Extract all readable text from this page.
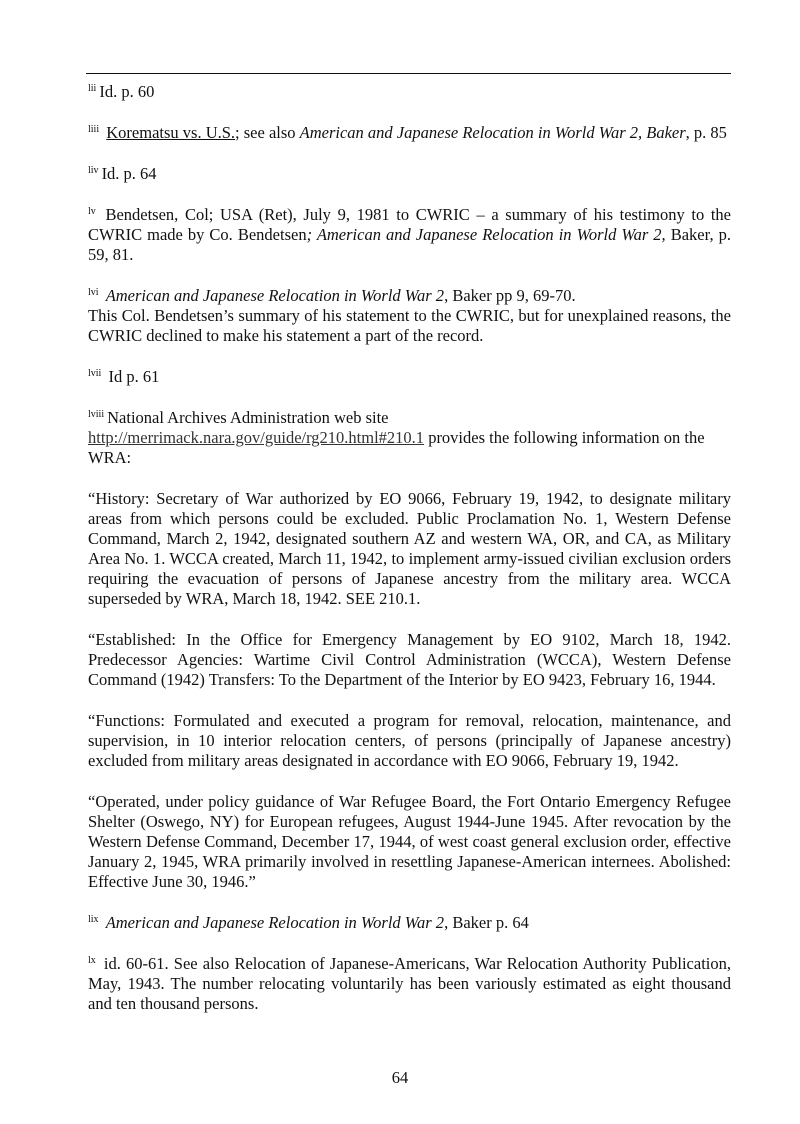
$^{lii}$ Id. p. 60

$^{liii}$ Korematsu vs. U.S.; see also American and Japanese Relocation in World War 2, Baker, p. 85

$^{liv}$ Id. p. 64

$^{lv}$ Bendetsen, Col; USA (Ret), July 9, 1981 to CWRIC – a summary of his testimony to the CWRIC made by Co. Bendetsen; American and Japanese Relocation in World War 2, Baker, p. 59, 81.

$^{lvi}$ American and Japanese Relocation in World War 2, Baker pp 9, 69-70.

This Col. Bendetsen’s summary of his statement to the CWRIC, but for unexplained reasons, the CWRIC declined to make his statement a part of the record.

$^{lvii}$ Id p. 61

$^{lviii}$ National Archives Administration web site

http://merrimack.nara.gov/guide/rg210.html#210.1 provides the following information on the WRA:

“History: Secretary of War authorized by EO 9066, February 19, 1942, to designate military areas from which persons could be excluded. Public Proclamation No. 1, Western Defense Command, March 2, 1942, designated southern AZ and western WA, OR, and CA, as Military Area No. 1. WCCA created, March 11, 1942, to implement army-issued civilian exclusion orders requiring the evacuation of persons of Japanese ancestry from the military area. WCCA superseded by WRA, March 18, 1942. SEE 210.1.

“Established: In the Office for Emergency Management by EO 9102, March 18, 1942. Predecessor Agencies: Wartime Civil Control Administration (WCCA), Western Defense Command (1942) Transfers: To the Department of the Interior by EO 9423, February 16, 1944.

“Functions: Formulated and executed a program for removal, relocation, maintenance, and supervision, in 10 interior relocation centers, of persons (principally of Japanese ancestry) excluded from military areas designated in accordance with EO 9066, February 19, 1942.

“Operated, under policy guidance of War Refugee Board, the Fort Ontario Emergency Refugee Shelter (Oswego, NY) for European refugees, August 1944-June 1945. After revocation by the Western Defense Command, December 17, 1944, of west coast general exclusion order, effective January 2, 1945, WRA primarily involved in resettling Japanese-American internees. Abolished: Effective June 30, 1946.”

$^{lix}$ American and Japanese Relocation in World War 2, Baker p. 64

$^{lx}$ id. 60-61. See also Relocation of Japanese-Americans, War Relocation Authority Publication, May, 1943. The number relocating voluntarily has been variously estimated as eight thousand and ten thousand persons.

64
